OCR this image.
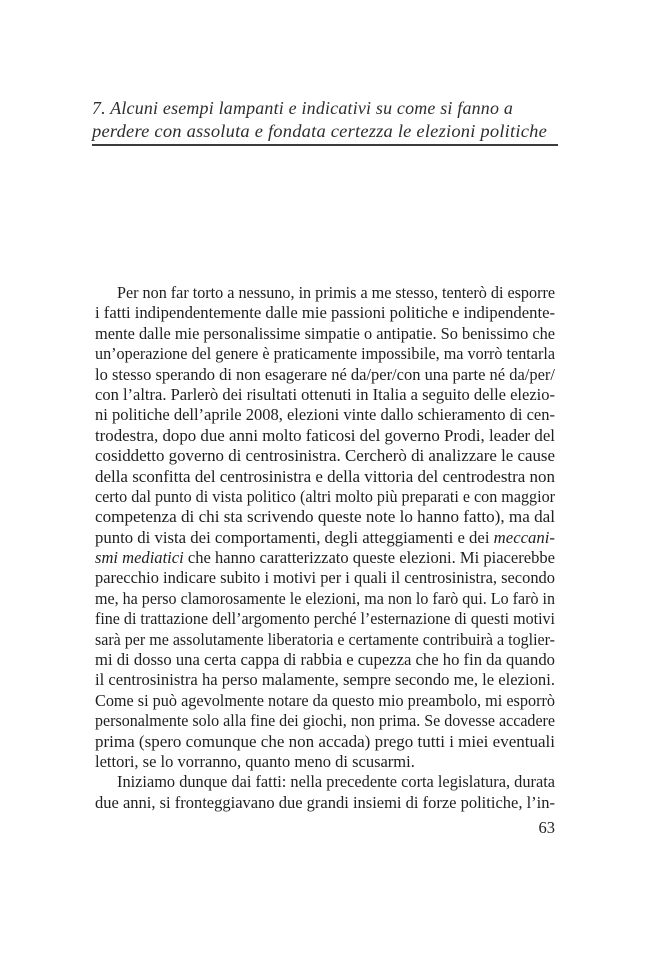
7. Alcuni esempi lampanti e indicativi su come si fanno a
perdere con assoluta e fondata certezza le elezioni politiche
Per non far torto a nessuno, in primis a me stesso, tenterò di esporre
i fatti indipendentemente dalle mie passioni politiche e indipendente-
mente dalle mie personalissime simpatie o antipatie. So benissimo che
un’operazione del genere è praticamente impossibile, ma vorrò tentarla
lo stesso sperando di non esagerare né da/per/con una parte né da/per/
con l’altra. Parlerò dei risultati ottenuti in Italia a seguito delle elezio-
ni politiche dell’aprile 2008, elezioni vinte dallo schieramento di cen-
trodestra, dopo due anni molto faticosi del governo Prodi, leader del
cosiddetto governo di centrosinistra. Cercherò di analizzare le cause
della sconfitta del centrosinistra e della vittoria del centrodestra non
certo dal punto di vista politico (altri molto più preparati e con maggior
competenza di chi sta scrivendo queste note lo hanno fatto), ma dal
punto di vista dei comportamenti, degli atteggiamenti e dei meccani-
smi mediatici che hanno caratterizzato queste elezioni. Mi piacerebbe
parecchio indicare subito i motivi per i quali il centrosinistra, secondo
me, ha perso clamorosamente le elezioni, ma non lo farò qui. Lo farò in
fine di trattazione dell’argomento perché l’esternazione di questi motivi
sarà per me assolutamente liberatoria e certamente contribuirà a toglier-
mi di dosso una certa cappa di rabbia e cupezza che ho fin da quando
il centrosinistra ha perso malamente, sempre secondo me, le elezioni.
Come si può agevolmente notare da questo mio preambolo, mi esporrò
personalmente solo alla fine dei giochi, non prima. Se dovesse accadere
prima (spero comunque che non accada) prego tutti i miei eventuali
lettori, se lo vorranno, quanto meno di scusarmi.
Iniziamo dunque dai fatti: nella precedente corta legislatura, durata
due anni, si fronteggiavano due grandi insiemi di forze politiche, l’in-
63
